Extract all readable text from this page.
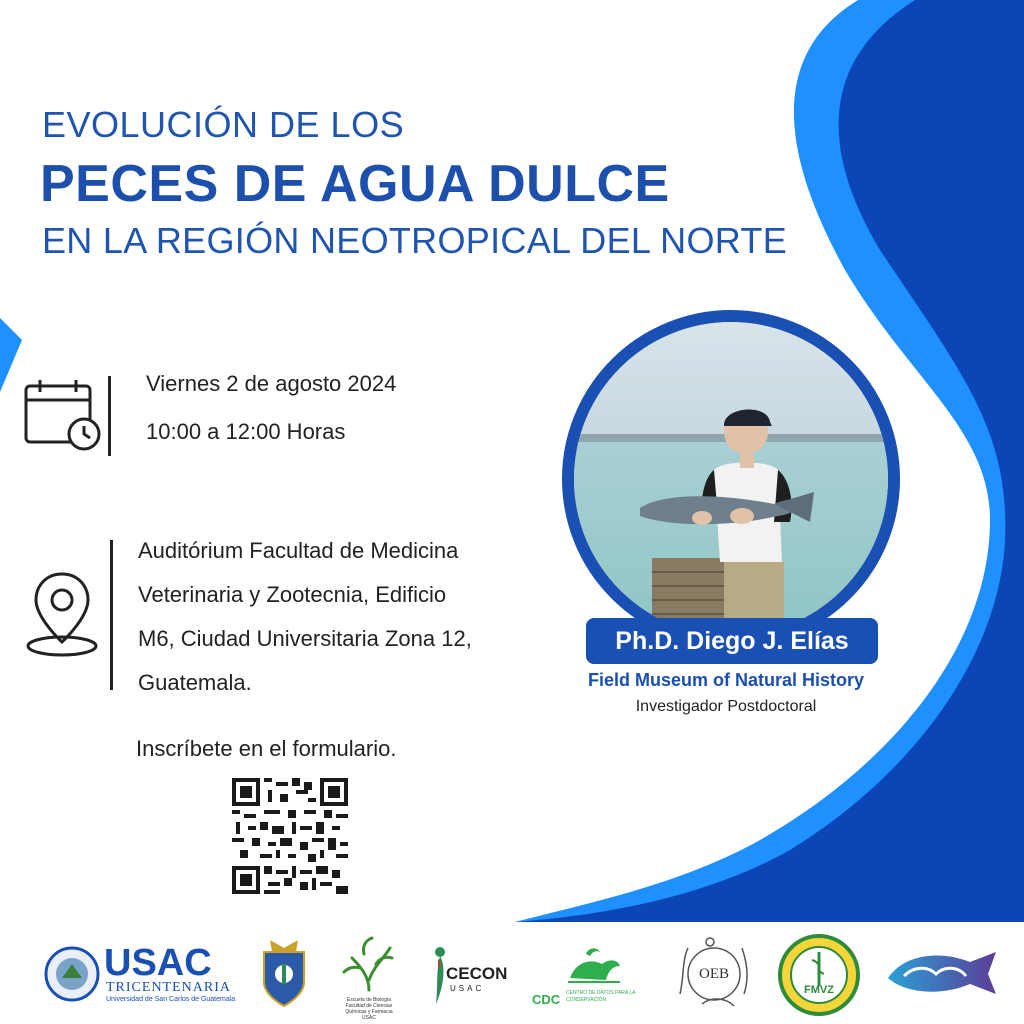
EVOLUCIÓN DE LOS
PECES DE AGUA DULCE
EN LA REGIÓN NEOTROPICAL DEL NORTE
Viernes 2 de agosto 2024
10:00 a 12:00 Horas
Auditórium Facultad de Medicina
Veterinaria y Zootecnia, Edificio
M6, Ciudad Universitaria Zona 12,
Guatemala.
Inscríbete en el formulario.
Ph.D. Diego J. Elías
Field Museum of Natural History
Investigador Postdoctoral
USAC
TRICENTENARIA
Universidad de San Carlos de Guatemala	Escuela de Biología Facultad de Ciencias Químicas y Farmacia USAC
CECON
USAC
CDC CENTRO DE DATOS PARA LA CONSERVACIÓN
OEB
FMVZ
